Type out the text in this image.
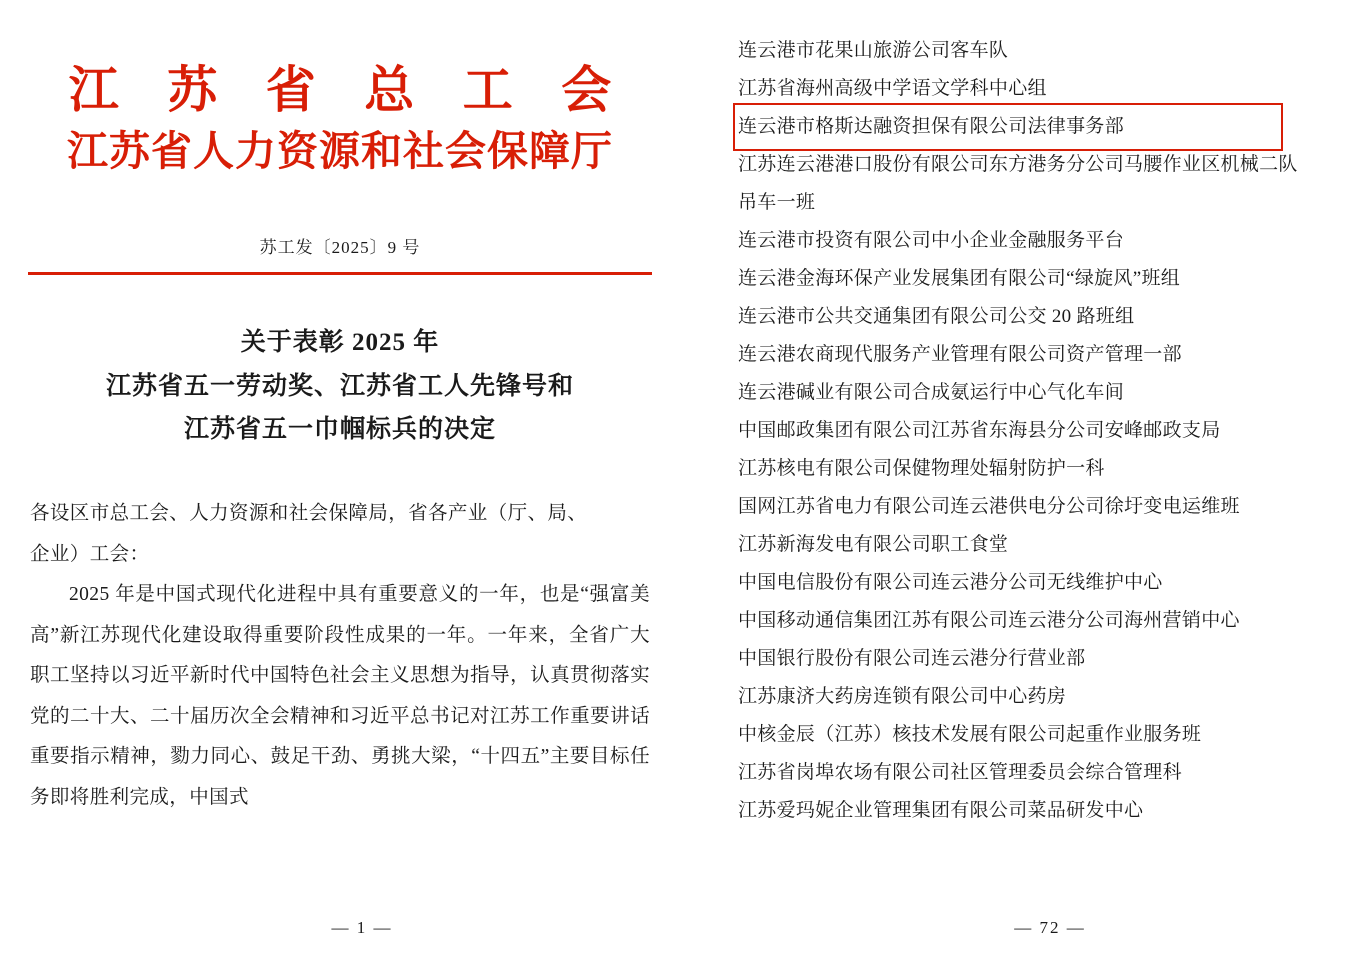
江 苏 省 总 工 会
江苏省人力资源和社会保障厅
苏工发〔2025〕9 号
关于表彰 2025 年
江苏省五一劳动奖、江苏省工人先锋号和
江苏省五一巾帼标兵的决定

各设区市总工会、人力资源和社会保障局，省各产业（厅、局、

企业）工会：

2025 年是中国式现代化进程中具有重要意义的一年，也是“强富美高”新江苏现代化建设取得重要阶段性成果的一年。一年来，全省广大职工坚持以习近平新时代中国特色社会主义思想为指导，认真贯彻落实党的二十大、二十届历次全会精神和习近平总书记对江苏工作重要讲话重要指示精神，勠力同心、鼓足干劲、勇挑大梁，“十四五”主要目标任务即将胜利完成，中国式

— 1 —
连云港市花果山旅游公司客车队
江苏省海州高级中学语文学科中心组
连云港市格斯达融资担保有限公司法律事务部
江苏连云港港口股份有限公司东方港务分公司马腰作业区机械二队吊车一班
连云港市投资有限公司中小企业金融服务平台
连云港金海环保产业发展集团有限公司“绿旋风”班组
连云港市公共交通集团有限公司公交 20 路班组
连云港农商现代服务产业管理有限公司资产管理一部
连云港碱业有限公司合成氨运行中心气化车间
中国邮政集团有限公司江苏省东海县分公司安峰邮政支局
江苏核电有限公司保健物理处辐射防护一科
国网江苏省电力有限公司连云港供电分公司徐圩变电运维班
江苏新海发电有限公司职工食堂
中国电信股份有限公司连云港分公司无线维护中心
中国移动通信集团江苏有限公司连云港分公司海州营销中心
中国银行股份有限公司连云港分行营业部
江苏康济大药房连锁有限公司中心药房
中核金辰（江苏）核技术发展有限公司起重作业服务班
江苏省岗埠农场有限公司社区管理委员会综合管理科
江苏爱玛妮企业管理集团有限公司菜品研发中心
— 72 —
